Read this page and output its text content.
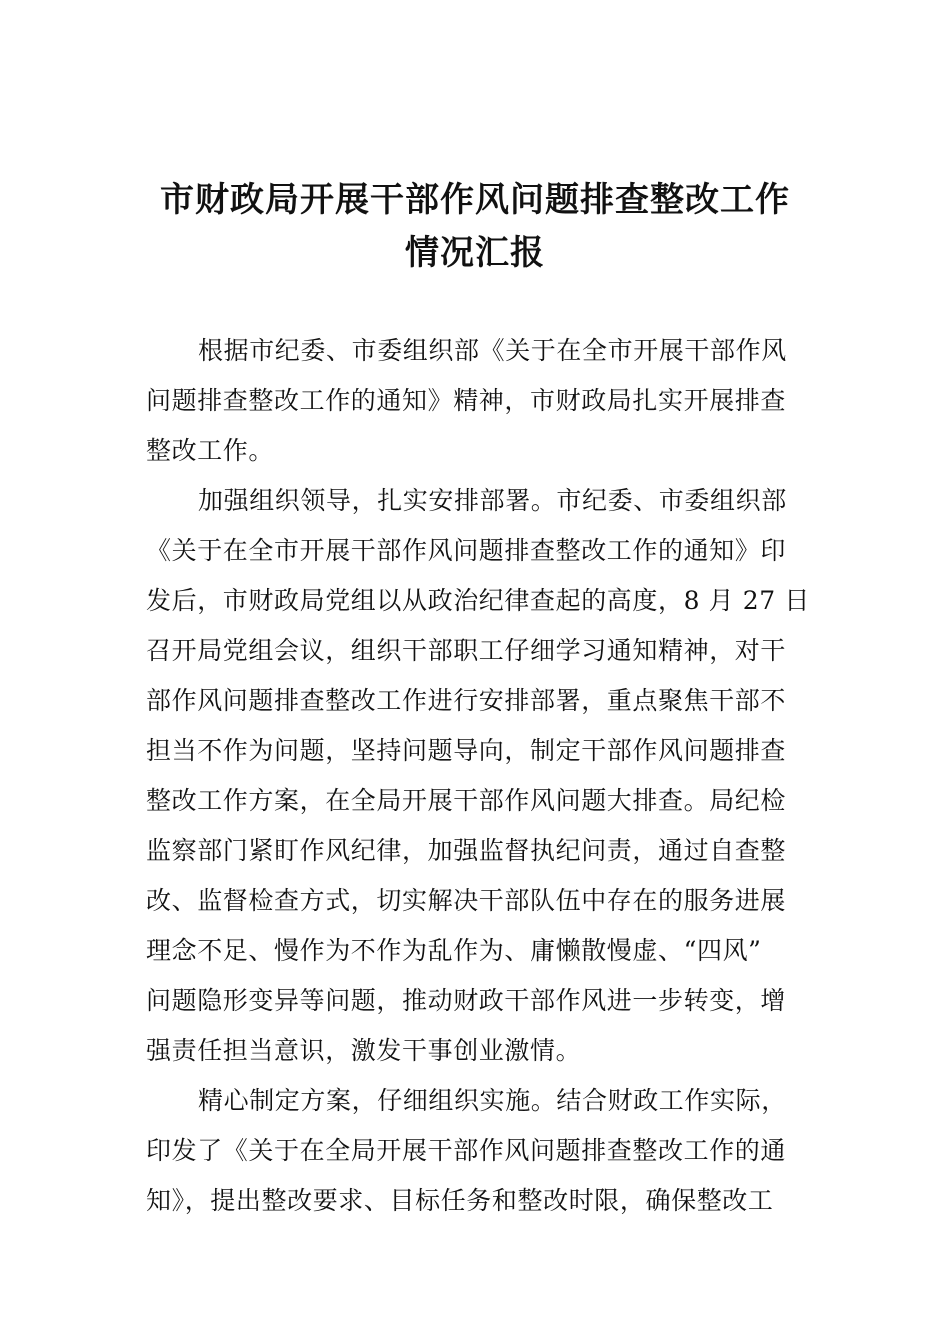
市财政局开展干部作风问题排查整改工作
情况汇报

根据市纪委、市委组织部《关于在全市开展干部作风
问题排查整改工作的通知》精神，市财政局扎实开展排查
整改工作。

加强组织领导，扎实安排部署。市纪委、市委组织部
《关于在全市开展干部作风问题排查整改工作的通知》印
发后，市财政局党组以从政治纪律查起的高度，8 月 27 日
召开局党组会议，组织干部职工仔细学习通知精神，对干
部作风问题排查整改工作进行安排部署，重点聚焦干部不
担当不作为问题，坚持问题导向，制定干部作风问题排查
整改工作方案，在全局开展干部作风问题大排查。局纪检
监察部门紧盯作风纪律，加强监督执纪问责，通过自查整
改、监督检查方式，切实解决干部队伍中存在的服务进展
理念不足、慢作为不作为乱作为、庸懒散慢虚、“四风”
问题隐形变异等问题，推动财政干部作风进一步转变，增
强责任担当意识，激发干事创业激情。

精心制定方案，仔细组织实施。结合财政工作实际，
印发了《关于在全局开展干部作风问题排查整改工作的通
知》，提出整改要求、目标任务和整改时限，确保整改工
